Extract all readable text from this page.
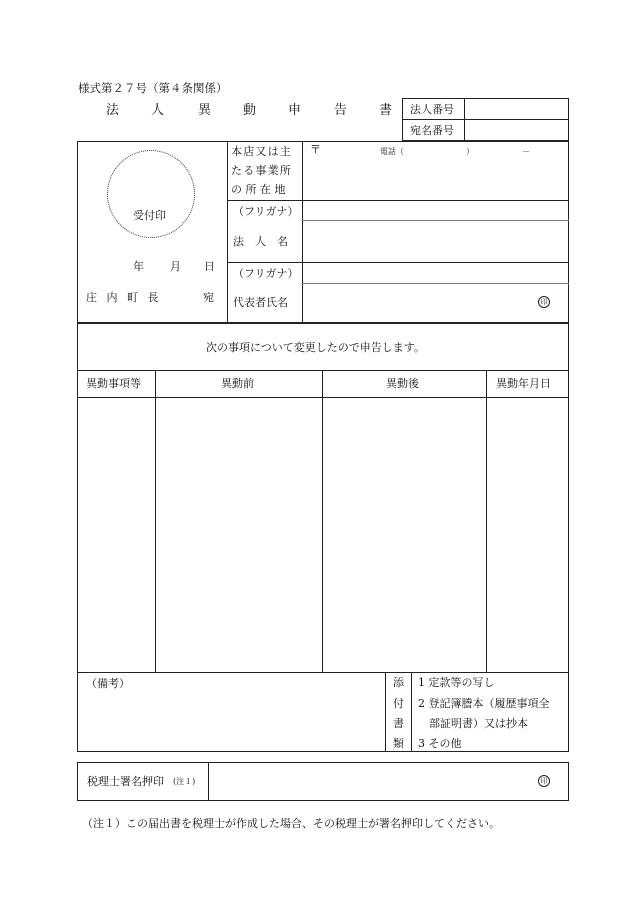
様式第２７号（第４条関係）
法 人	異 動 申	告 書 法人番号
宛名番号
受付印
年 月 日
庄 内 町 長	宛
本店又は主
たる事業所
の 所 在 地
〒	電話（	）	－
（フリガナ）
法　人　名
（フリガナ）
代表者氏名	印
次の事項について変更したので申告します。
異動事項等	異動前	異動後	異動年月日
（備考）	添
付
書
類
1 定款等の写し
2 登記簿謄本（履歴事項全
　部証明書）又は抄本
3 その他
税理士署名押印 (注１)	印
（注１）この届出書を税理士が作成した場合、その税理士が署名押印してください。
